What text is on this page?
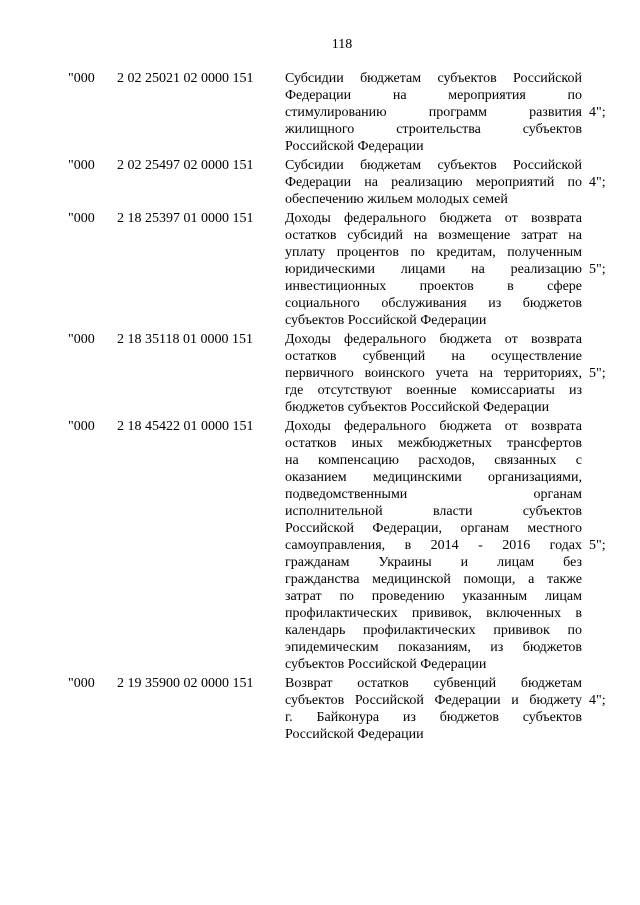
118
"000 2 02 25021 02 0000 151 Субсидии бюджетам субъектов Российской
Федерации на мероприятия по
стимулированию программ развития
жилищного строительства субъектов
Российской Федерации
4";
"000 2 02 25497 02 0000 151 Субсидии бюджетам субъектов Российской
Федерации на реализацию мероприятий по
обеспечению жильем молодых семей
4";
"000 2 18 25397 01 0000 151 Доходы федерального бюджета от возврата
остатков субсидий на возмещение затрат на
уплату процентов по кредитам, полученным
юридическими лицами на реализацию
инвестиционных проектов в сфере
социального обслуживания из бюджетов
субъектов Российской Федерации
5";
"000 2 18 35118 01 0000 151 Доходы федерального бюджета от возврата
остатков субвенций на осуществление
первичного воинского учета на территориях,
где отсутствуют военные комиссариаты из
бюджетов субъектов Российской Федерации
5";
"000 2 18 45422 01 0000 151 Доходы федерального бюджета от возврата
остатков иных межбюджетных трансфертов
на компенсацию расходов, связанных с
оказанием медицинскими организациями,
подведомственными органам
исполнительной власти субъектов
Российской Федерации, органам местного
самоуправления, в 2014 - 2016 годах
гражданам Украины и лицам без
гражданства медицинской помощи, а также
затрат по проведению указанным лицам
профилактических прививок, включенных в
календарь профилактических прививок по
эпидемическим показаниям, из бюджетов
субъектов Российской Федерации
5";
"000 2 19 35900 02 0000 151 Возврат остатков субвенций бюджетам
субъектов Российской Федерации и бюджету
г. Байконура из бюджетов субъектов
Российской Федерации
4";
